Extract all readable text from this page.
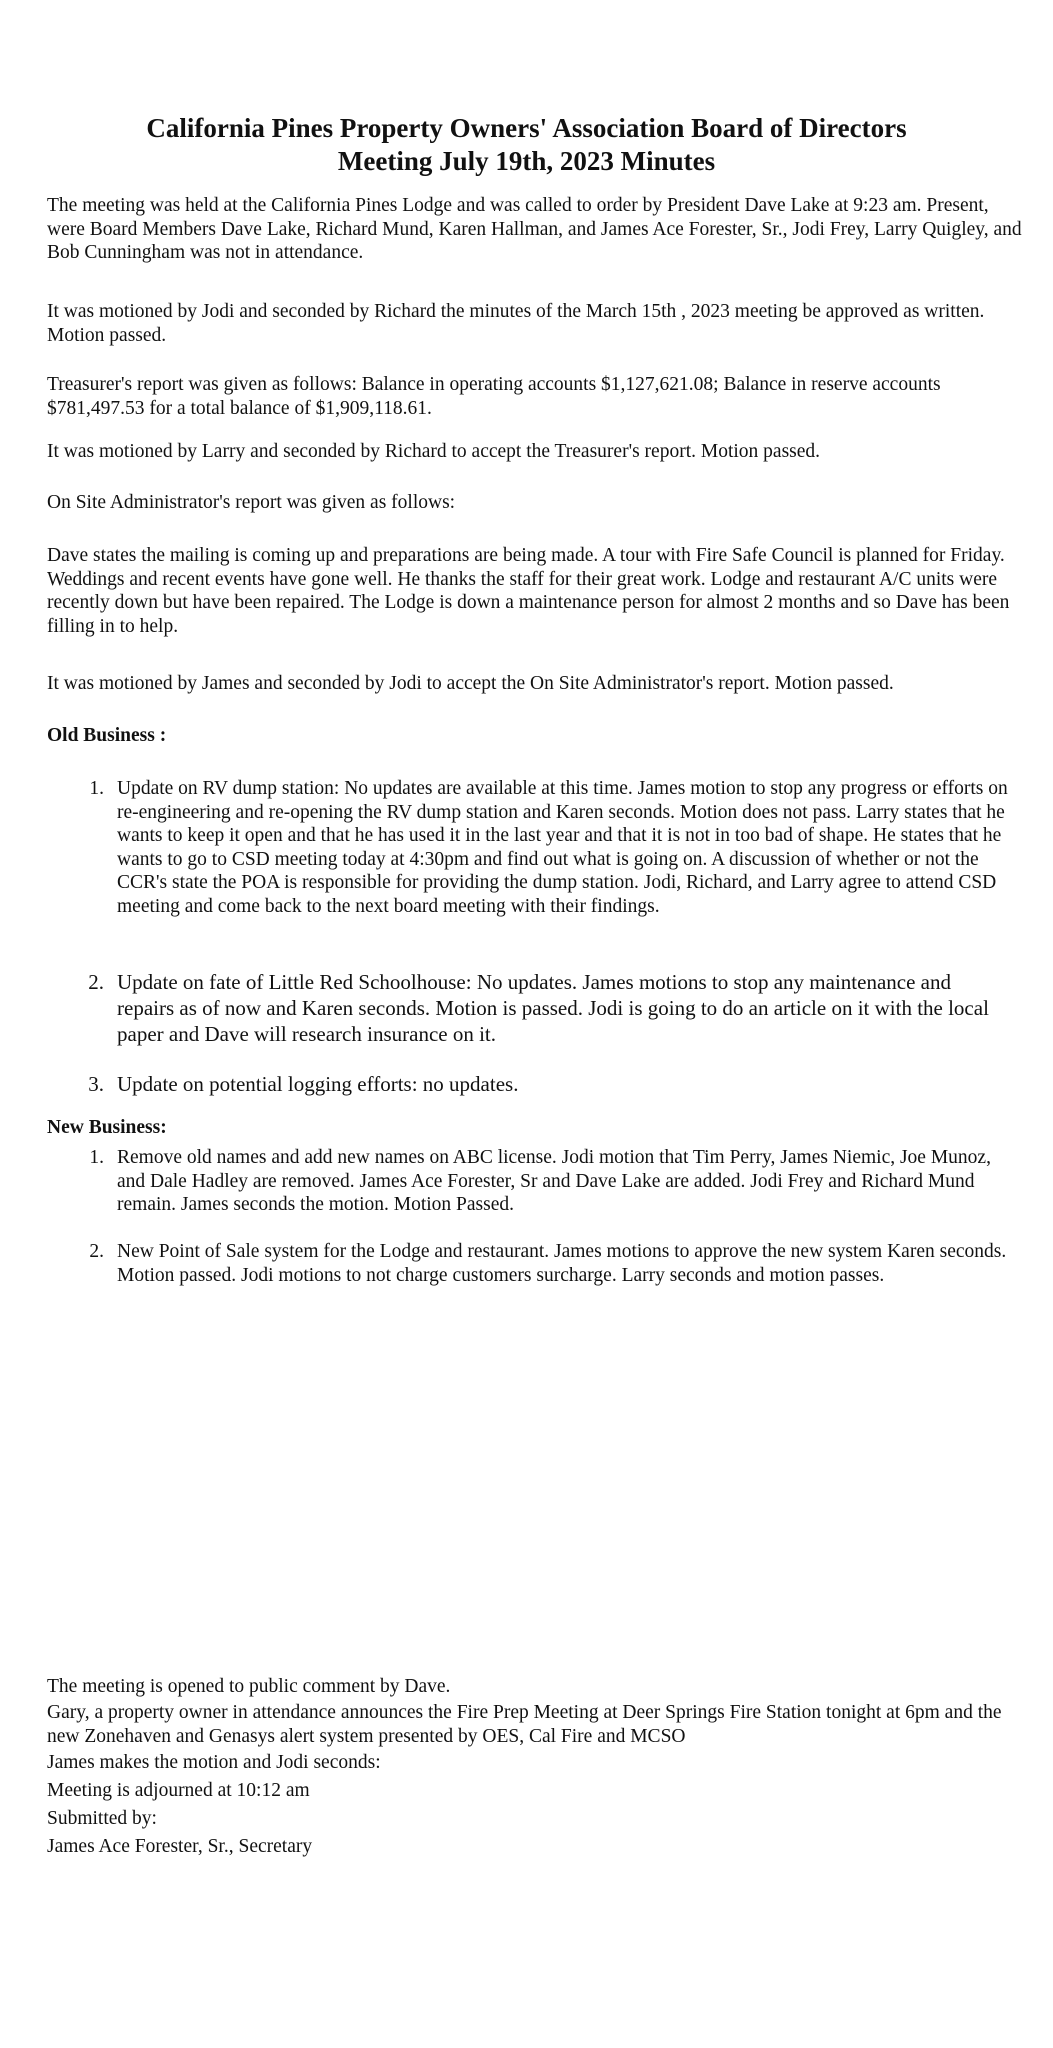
California Pines Property Owners' Association Board of Directors
Meeting July 19th, 2023 Minutes

The meeting was held at the California Pines Lodge and was called to order by President Dave Lake at 9:23 am. Present, were Board Members Dave Lake, Richard Mund, Karen Hallman, and James Ace Forester, Sr., Jodi Frey, Larry Quigley, and Bob Cunningham was not in attendance.

It was motioned by Jodi and seconded by Richard the minutes of the March 15th , 2023 meeting be approved as written. Motion passed.

Treasurer's report was given as follows: Balance in operating accounts $1,127,621.08; Balance in reserve accounts $781,497.53 for a total balance of $1,909,118.61.

It was motioned by Larry and seconded by Richard to accept the Treasurer's report. Motion passed.

On Site Administrator's report was given as follows:

Dave states the mailing is coming up and preparations are being made. A tour with Fire Safe Council is planned for Friday. Weddings and recent events have gone well. He thanks the staff for their great work. Lodge and restaurant A/C units were recently down but have been repaired. The Lodge is down a maintenance person for almost 2 months and so Dave has been filling in to help.

It was motioned by James and seconded by Jodi to accept the On Site Administrator's report. Motion passed.

Old Business :
1. Update on RV dump station: No updates are available at this time. James motion to stop any progress or efforts on re-engineering and re-opening the RV dump station and Karen seconds. Motion does not pass. Larry states that he wants to keep it open and that he has used it in the last year and that it is not in too bad of shape. He states that he wants to go to CSD meeting today at 4:30pm and find out what is going on. A discussion of whether or not the CCR's state the POA is responsible for providing the dump station. Jodi, Richard, and Larry agree to attend CSD meeting and come back to the next board meeting with their findings.
2. Update on fate of Little Red Schoolhouse: No updates. James motions to stop any maintenance and repairs as of now and Karen seconds. Motion is passed. Jodi is going to do an article on it with the local paper and Dave will research insurance on it.
3. Update on potential logging efforts: no updates.
New Business:
1. Remove old names and add new names on ABC license. Jodi motion that Tim Perry, James Niemic, Joe Munoz, and Dale Hadley are removed. James Ace Forester, Sr and Dave Lake are added. Jodi Frey and Richard Mund remain. James seconds the motion. Motion Passed.
2. New Point of Sale system for the Lodge and restaurant. James motions to approve the new system Karen seconds. Motion passed. Jodi motions to not charge customers surcharge. Larry seconds and motion passes.
The meeting is opened to public comment by Dave.
Gary, a property owner in attendance announces the Fire Prep Meeting at Deer Springs Fire Station tonight at 6pm and the new Zonehaven and Genasys alert system presented by OES, Cal Fire and MCSO
James makes the motion and Jodi seconds:
Meeting is adjourned at 10:12 am
Submitted by:
James Ace Forester, Sr., Secretary
